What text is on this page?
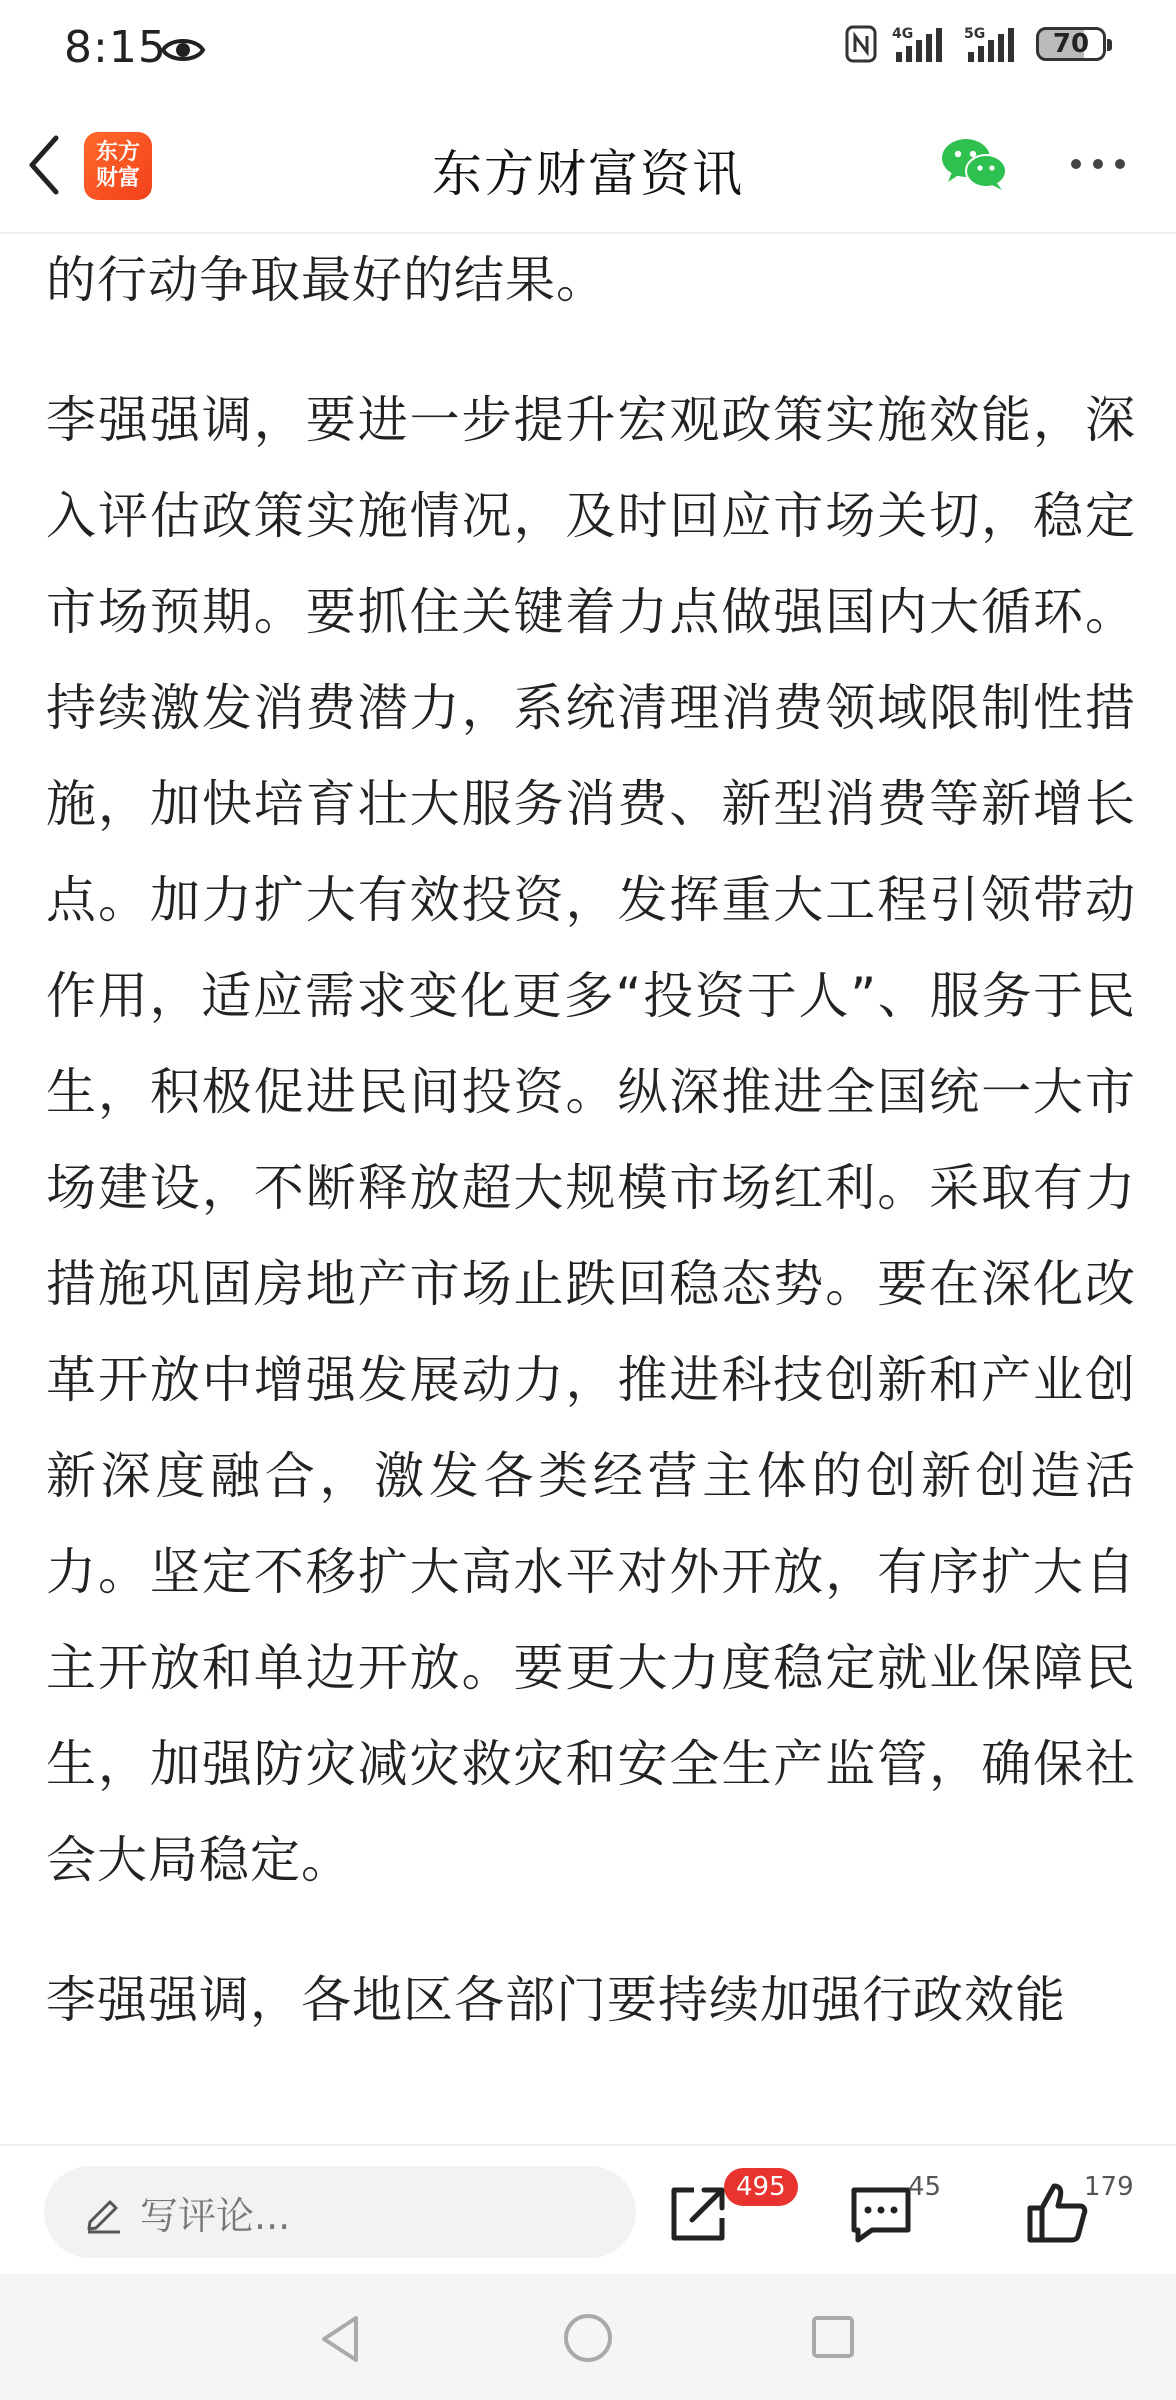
8:15	4G	5G	70
东方
财富	东方财富资讯

的行动争取最好的结果。

李强强调，要进一步提升宏观政策实施效能，深入评估政策实施情况，及时回应市场关切，稳定市场预期。要抓住关键着力点做强国内大循环。持续激发消费潜力，系统清理消费领域限制性措施，加快培育壮大服务消费、新型消费等新增长点。加力扩大有效投资，发挥重大工程引领带动作用，适应需求变化更多“投资于人”、服务于民生，积极促进民间投资。纵深推进全国统一大市场建设，不断释放超大规模市场红利。采取有力措施巩固房地产市场止跌回稳态势。要在深化改革开放中增强发展动力，推进科技创新和产业创新深度融合，激发各类经营主体的创新创造活力。坚定不移扩大高水平对外开放，有序扩大自主开放和单边开放。要更大力度稳定就业保障民生，加强防灾减灾救灾和安全生产监管，确保社会大局稳定。

李强强调，各地区各部门要持续加强行政效能

写评论...
495	45	179
